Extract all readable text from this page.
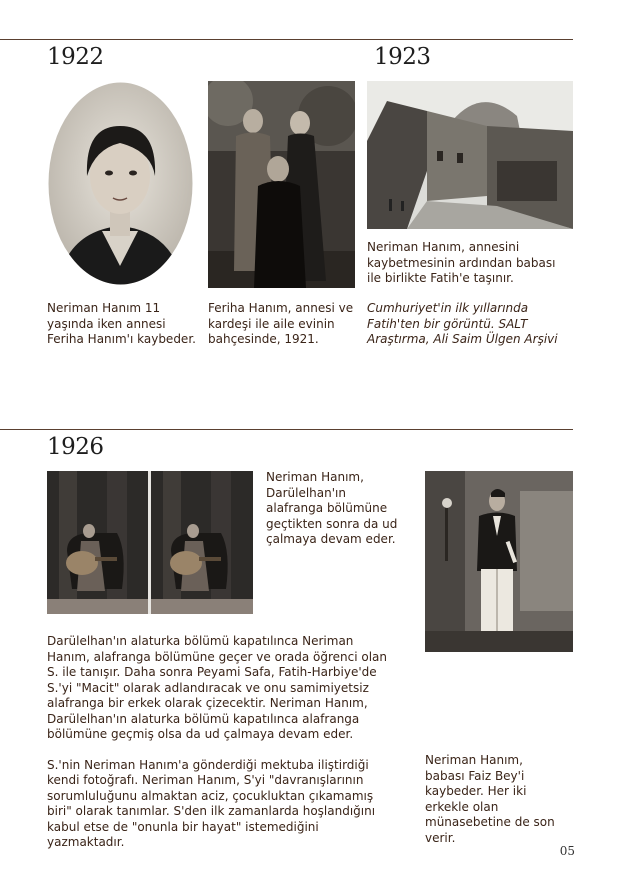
1922	1923
Neriman Hanım 11 yaşında iken annesi Feriha Hanım'ı kaybeder.
Feriha Hanım, annesi ve kardeşi ile aile evinin bahçesinde, 1921.
Neriman Hanım, annesini kaybetmesinin ardından babası ile birlikte Fatih'e taşınır.
Cumhuriyet'in ilk yıllarında Fatih'ten bir görüntü. SALT Araştırma, Ali Saim Ülgen Arşivi
1926
Neriman Hanım, Darülelhan'ın alafranga bölümüne geçtikten sonra da ud çalmaya devam eder.

Darülelhan'ın alaturka bölümü kapatılınca Neriman Hanım, alafranga bölümüne geçer ve orada öğrenci olan S. ile tanışır. Daha sonra Peyami Safa, Fatih-Harbiye'de S.'yi "Macit" olarak adlandıracak ve onu samimiyetsiz alafranga bir erkek olarak çizecektir. Neriman Hanım, Darülelhan'ın alaturka bölümü kapatılınca alafranga bölümüne geçmiş olsa da ud çalmaya devam eder.

S.'nin Neriman Hanım'a gönderdiği mektuba iliştirdiği kendi fotoğrafı. Neriman Hanım, S'yi "davranışlarının sorumluluğunu almaktan aciz, çocukluktan çıkamamış biri" olarak tanımlar. S'den ilk zamanlarda hoşlandığını kabul etse de "onunla bir hayat" istemediğini yazmaktadır.

Neriman Hanım, babası Faiz Bey'i kaybeder. Her iki erkekle olan münasebetine de son verir.
05
